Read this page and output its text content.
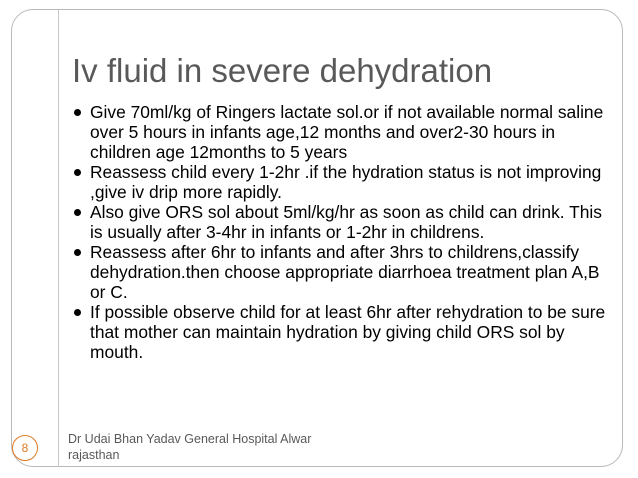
Iv fluid in severe dehydration
Give 70ml/kg of Ringers lactate sol.or if not available normal saline over 5 hours in infants age,12 months and over2-30 hours in children age 12months to 5 years
Reassess child every 1-2hr .if the hydration status is not improving ,give iv drip more rapidly.
Also give ORS sol about 5ml/kg/hr as soon as child can drink. This is usually after 3-4hr in infants or 1-2hr in childrens.
Reassess after 6hr to infants and after 3hrs to childrens,classify dehydration.then choose appropriate diarrhoea treatment plan A,B or C.
If possible observe child for at least 6hr after rehydration to be sure that mother can maintain hydration by giving child ORS sol by mouth.
Dr Udai Bhan Yadav General Hospital Alwar
rajasthan
8
